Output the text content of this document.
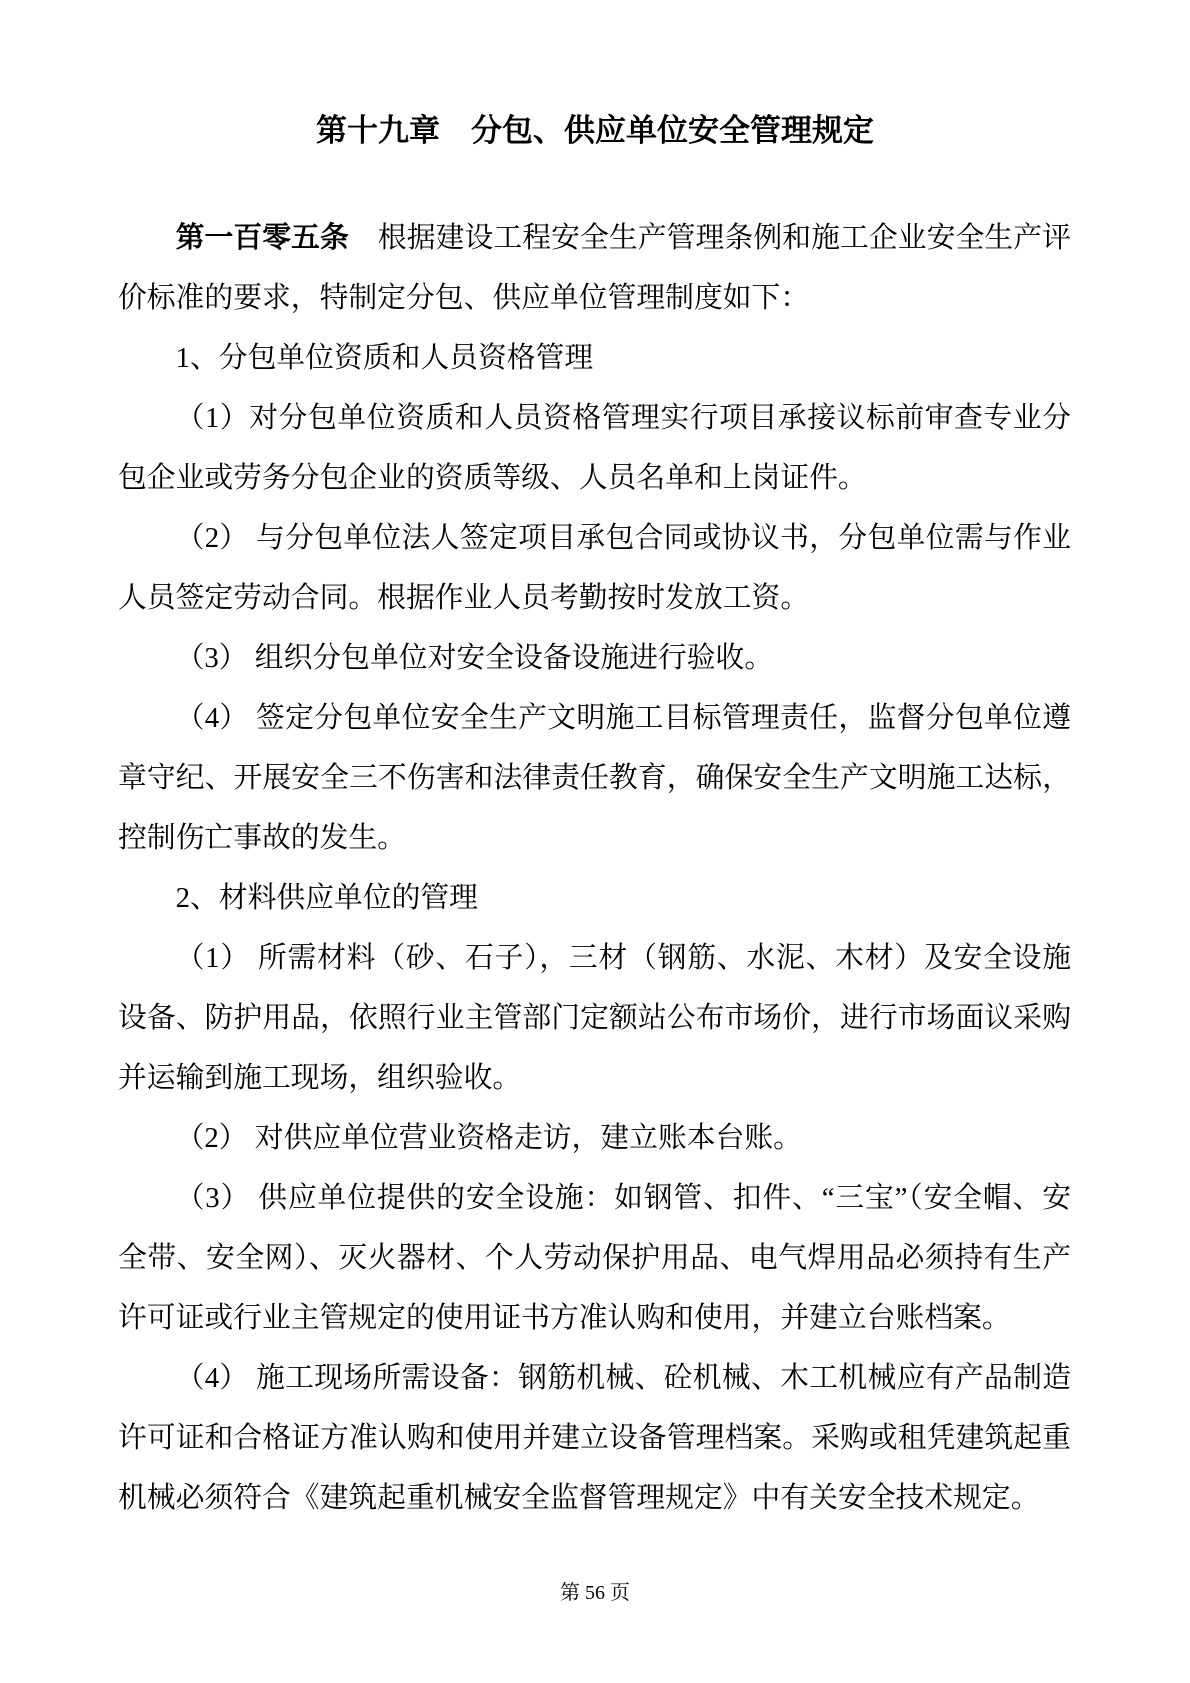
第十九章　分包、供应单位安全管理规定

第一百零五条　根据建设工程安全生产管理条例和施工企业安全生产评价标准的要求，特制定分包、供应单位管理制度如下：

1、分包单位资质和人员资格管理

（1）对分包单位资质和人员资格管理实行项目承接议标前审查专业分包企业或劳务分包企业的资质等级、人员名单和上岗证件。

（2） 与分包单位法人签定项目承包合同或协议书，分包单位需与作业人员签定劳动合同。根据作业人员考勤按时发放工资。

（3） 组织分包单位对安全设备设施进行验收。

（4） 签定分包单位安全生产文明施工目标管理责任，监督分包单位遵章守纪、开展安全三不伤害和法律责任教育，确保安全生产文明施工达标，控制伤亡事故的发生。

2、材料供应单位的管理

（1） 所需材料（砂、石子），三材（钢筋、水泥、木材）及安全设施设备、防护用品，依照行业主管部门定额站公布市场价，进行市场面议采购并运输到施工现场，组织验收。

（2） 对供应单位营业资格走访，建立账本台账。

（3） 供应单位提供的安全设施：如钢管、扣件、“三宝”（安全帽、安全带、安全网）、灭火器材、个人劳动保护用品、电气焊用品必须持有生产许可证或行业主管规定的使用证书方准认购和使用，并建立台账档案。

（4） 施工现场所需设备：钢筋机械、砼机械、木工机械应有产品制造许可证和合格证方准认购和使用并建立设备管理档案。采购或租凭建筑起重机械必须符合《建筑起重机械安全监督管理规定》中有关安全技术规定。

第 56 页
